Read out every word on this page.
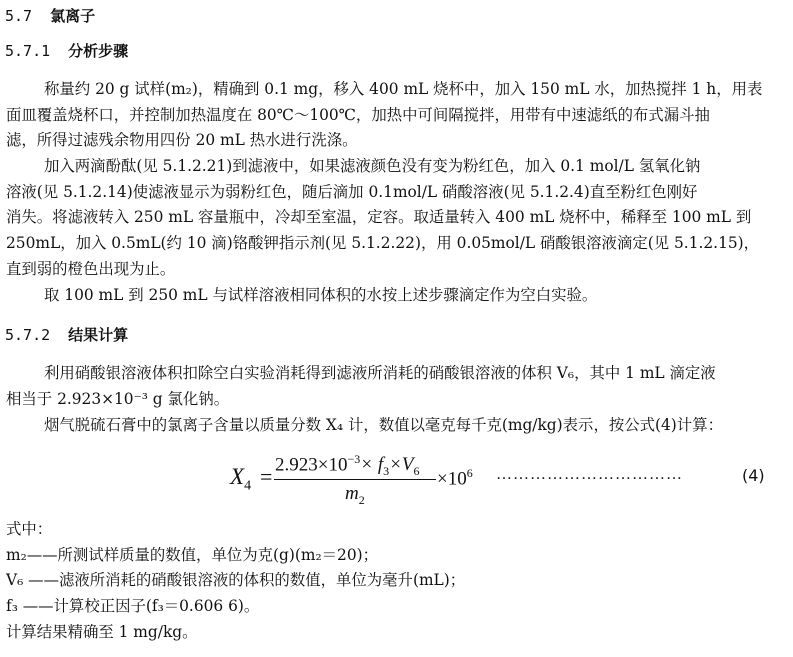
5.7 氯离子
5.7.1 分析步骤
称量约 20 g 试样(m₂)，精确到 0.1 mg，移入 400 mL 烧杯中，加入 150 mL 水，加热搅拌 1 h，用表
面皿覆盖烧杯口，并控制加热温度在 80℃～100℃，加热中可间隔搅拌，用带有中速滤纸的布式漏斗抽
滤，所得过滤残余物用四份 20 mL 热水进行洗涤。
加入两滴酚酞(见 5.1.2.21)到滤液中，如果滤液颜色没有变为粉红色，加入 0.1 mol/L 氢氧化钠
溶液(见 5.1.2.14)使滤液显示为弱粉红色，随后滴加 0.1mol/L 硝酸溶液(见 5.1.2.4)直至粉红色刚好
消失。将滤液转入 250 mL 容量瓶中，冷却至室温，定容。取适量转入 400 mL 烧杯中，稀释至 100 mL 到
250mL，加入 0.5mL(约 10 滴)铬酸钾指示剂(见 5.1.2.22)，用 0.05mol/L 硝酸银溶液滴定(见 5.1.2.15)，
直到弱的橙色出现为止。
取 100 mL 到 250 mL 与试样溶液相同体积的水按上述步骤滴定作为空白实验。
5.7.2 结果计算
利用硝酸银溶液体积扣除空白实验消耗得到滤液所消耗的硝酸银溶液的体积 V₆，其中 1 mL 滴定液
相当于 2.923×10⁻³ g 氯化钠。
烟气脱硫石膏中的氯离子含量以质量分数 X₄ 计，数值以毫克每千克(mg/kg)表示，按公式(4)计算：
$X_4 = 2.923\times 10^{-3}\times f_3\times V_6$
$m_2$
$\times 10^6$ ……………………………	(4)
式中：
m₂——所测试样质量的数值，单位为克(g)(m₂＝20)；
V₆ ——滤液所消耗的硝酸银溶液的体积的数值，单位为毫升(mL)；
f₃ ——计算校正因子(f₃＝0.606 6)。
计算结果精确至 1 mg/kg。
